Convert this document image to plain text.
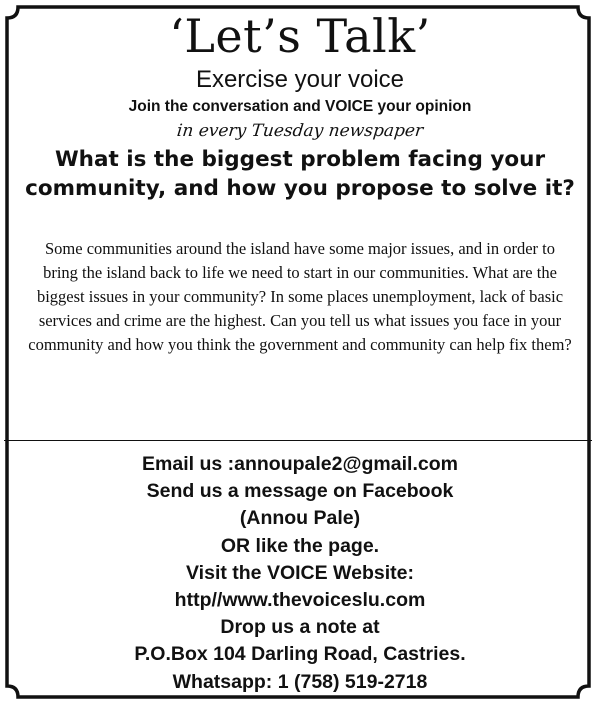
‘Let’s Talk’
Exercise your voice
Join the conversation and VOICE your opinion
in every Tuesday newspaper
What is the biggest problem facing your community, and how you propose to solve it?
Some communities around the island have some major issues, and in order to bring the island back to life we need to start in our communities. What are the biggest issues in your community? In some places unemployment, lack of basic services and crime are the highest. Can you tell us what issues you face in your community and how you think the government and community can help fix them?
Email us :annoupale2@gmail.com
Send us a message on Facebook
(Annou Pale)
OR like the page.
Visit the VOICE Website:
http//www.thevoiceslu.com
Drop us a note at
P.O.Box 104 Darling Road, Castries.
Whatsapp: 1 (758) 519-2718
